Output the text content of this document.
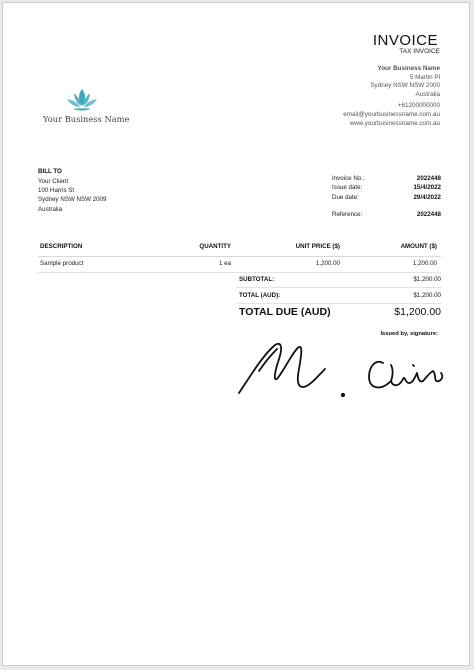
INVOICE
TAX INVOICE
Your Business Name
5 Martin Pl
Sydney NSW NSW 2000
Australia
+61200000000
email@yourbusinessname.com.au
www.yourbusinessname.com.au
Your Business Name
BILL TO
Your Client
100 Harris St
Sydney NSW NSW 2009
Australia
Invoice No.:	2022448
Issue date:	15/4/2022
Due date:	29/4/2022
Reference:	2022448
DESCRIPTION	QUANTITY	UNIT PRICE ($)	AMOUNT ($)
Sample product	1 ea	1,200.00	1,200.00
SUBTOTAL:	$1,200.00
TOTAL (AUD):	$1,200.00
TOTAL DUE (AUD)	$1,200.00
Issued by, signature:
